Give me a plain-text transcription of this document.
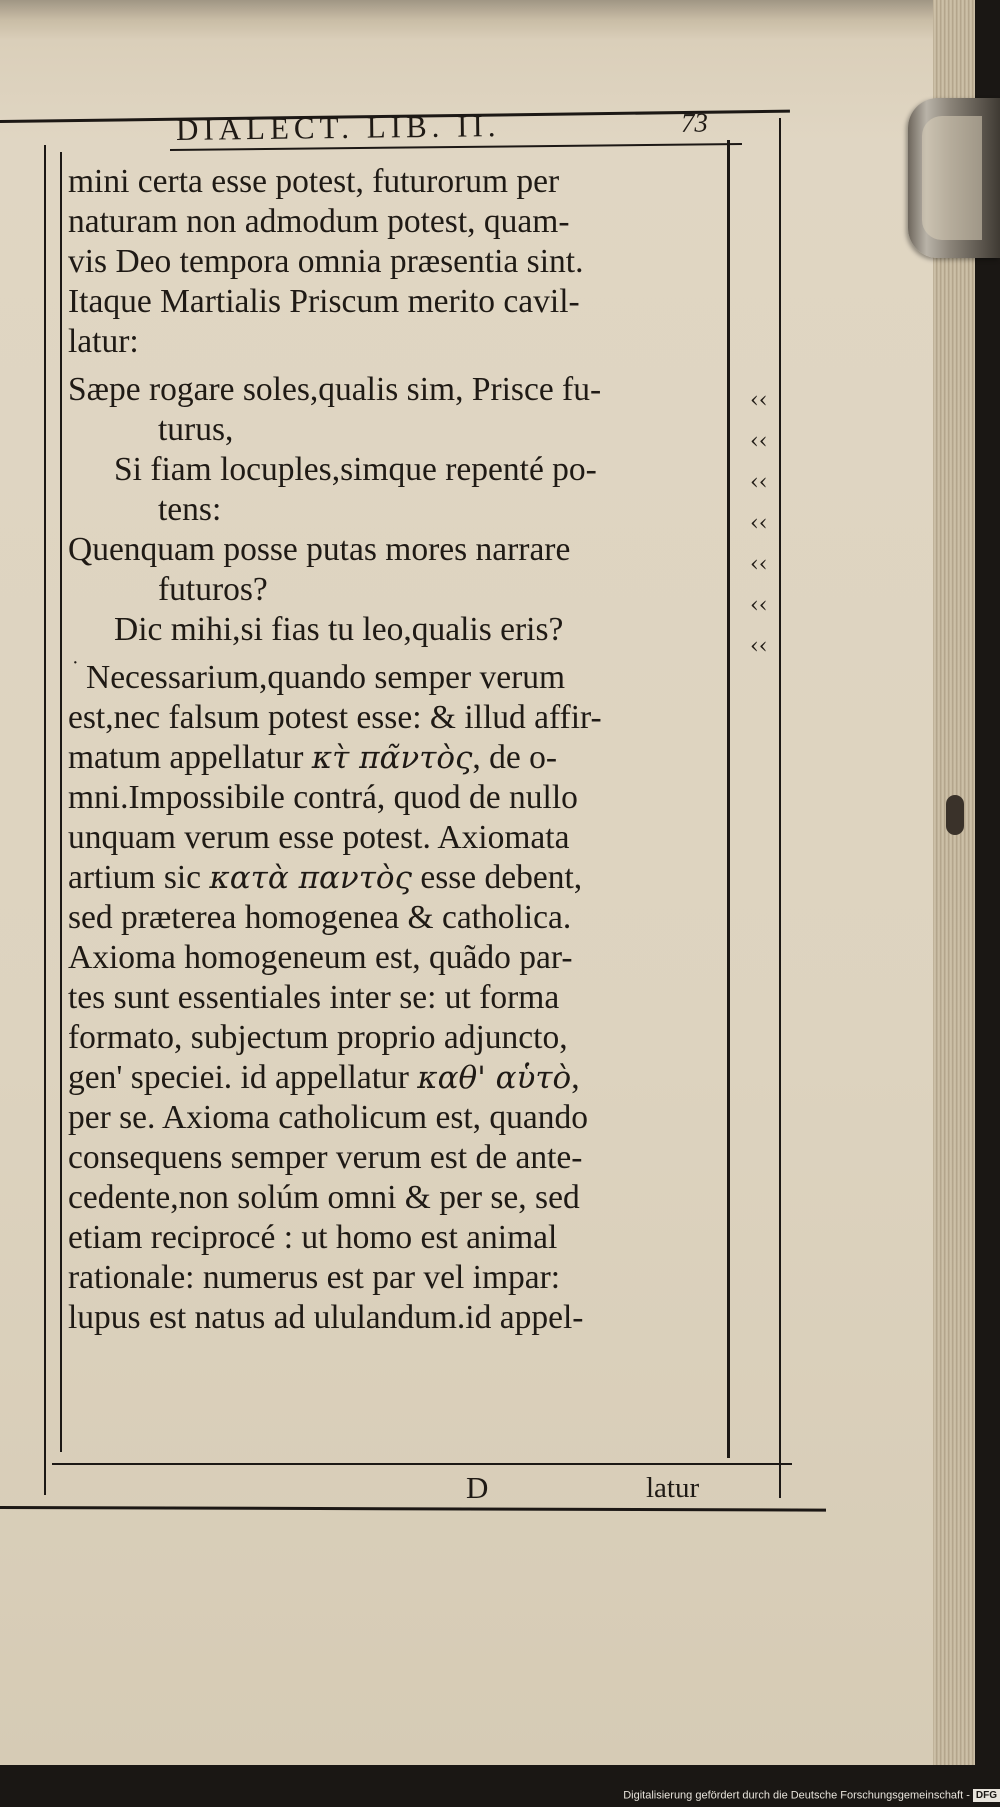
DIALECT. LIB. II.	73
mini certa esse potest, futurorum per
naturam non admodum potest, quam-
vis Deo tempora omnia præsentia sint.
Itaque Martialis Priscum merito cavil-
latur:
Sæpe rogare soles,qualis sim, Prisce fu-
turus,
Si fiam locuples,simque repenté po-
tens:
Quenquam posse putas mores narrare
futuros?
Dic mihi,si fias tu leo,qualis eris?
Necessarium,quando semper verum
est,nec falsum potest esse: & illud affir-
matum appellatur κτ̀ πα̃ντὸς, de o-
mni.Impossibile contrá, quod de nullo
unquam verum esse potest. Axiomata
artium sic κατὰ παντὸς esse debent,
sed præterea homogenea & catholica.
Axioma homogeneum est, quãdo par-
tes sunt essentiales inter se: ut forma
formato, subjectum proprio adjuncto,
gen' speciei. id appellatur καθ' αὑτὸ,
per se. Axioma catholicum est, quando
consequens semper verum est de ante-
cedente,non solúm omni & per se, sed
etiam reciprocé : ut homo est animal
rationale: numerus est par vel impar:
lupus est natus ad ululandum.id appel-
‹‹
‹‹
‹‹
‹‹
‹‹
‹‹
‹‹
·
D	latur
Digitalisierung gefördert durch die Deutsche Forschungsgemeinschaft - DFG
